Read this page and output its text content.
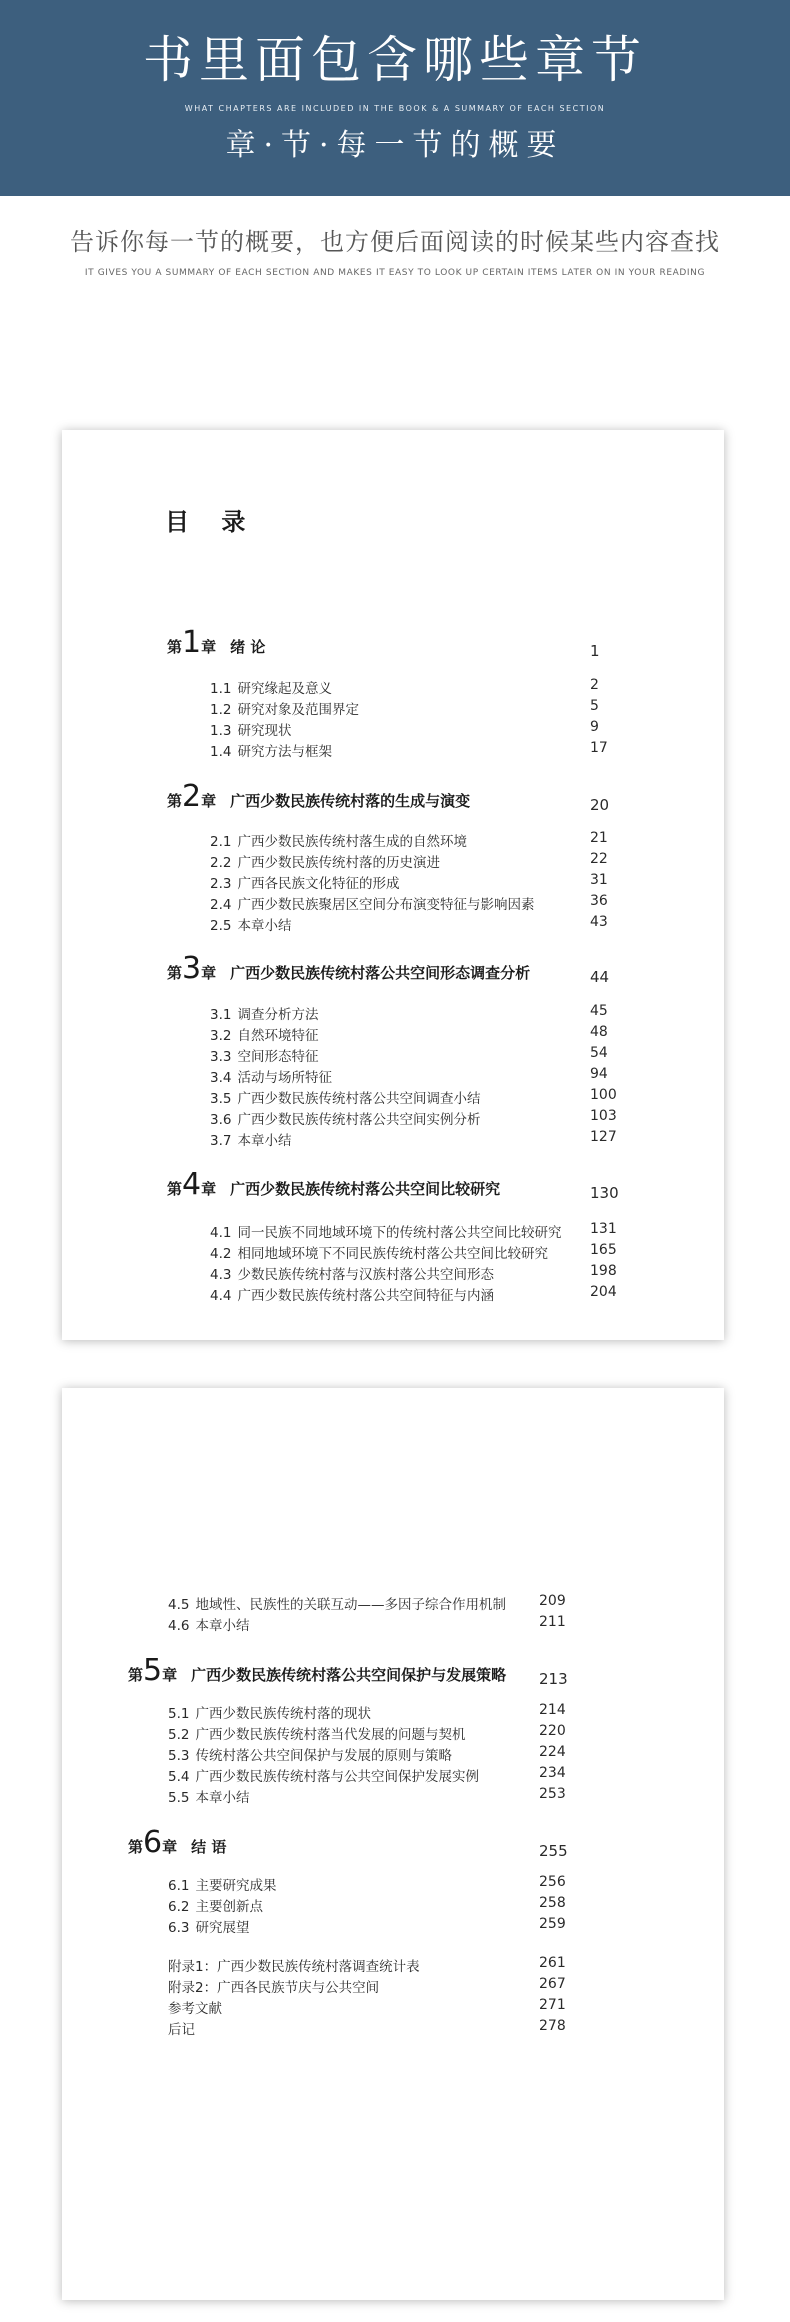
书里面包含哪些章节
WHAT CHAPTERS ARE INCLUDED IN THE BOOK & A SUMMARY OF EACH SECTION
章·节·每一节的概要
告诉你每一节的概要，也方便后面阅读的时候某些内容查找
IT GIVES YOU A SUMMARY OF EACH SECTION AND MAKES IT EASY TO LOOK UP CERTAIN ITEMS LATER ON IN YOUR READING
目 录
第 1 章 绪 论	1
1.1 研究缘起及意义	2
1.2 研究对象及范围界定	5
1.3 研究现状	9
1.4 研究方法与框架	17
第 2 章 广西少数民族传统村落的生成与演变	20
2.1 广西少数民族传统村落生成的自然环境	21
2.2 广西少数民族传统村落的历史演进	22
2.3 广西各民族文化特征的形成	31
2.4 广西少数民族聚居区空间分布演变特征与影响因素	36
2.5 本章小结	43
第 3 章 广西少数民族传统村落公共空间形态调查分析	44
3.1 调查分析方法	45
3.2 自然环境特征	48
3.3 空间形态特征	54
3.4 活动与场所特征	94
3.5 广西少数民族传统村落公共空间调查小结	100
3.6 广西少数民族传统村落公共空间实例分析	103
3.7 本章小结	127
第 4 章 广西少数民族传统村落公共空间比较研究	130
4.1 同一民族不同地域环境下的传统村落公共空间比较研究 131
4.2 相同地域环境下不同民族传统村落公共空间比较研究	165
4.3 少数民族传统村落与汉族村落公共空间形态	198
4.4 广西少数民族传统村落公共空间特征与内涵	204
4.5 地域性、民族性的关联互动——多因子综合作用机制 209
4.6 本章小结	211
第 5 章 广西少数民族传统村落公共空间保护与发展策略 213
5.1 广西少数民族传统村落的现状	214
5.2 广西少数民族传统村落当代发展的问题与契机	220
5.3 传统村落公共空间保护与发展的原则与策略	224
5.4 广西少数民族传统村落与公共空间保护发展实例	234
5.5 本章小结	253
第 6 章 结 语	255
6.1 主要研究成果	256
6.2 主要创新点	258
6.3 研究展望	259
附录1：广西少数民族传统村落调查统计表	261
附录2：广西各民族节庆与公共空间	267
参考文献	271
后记	278
